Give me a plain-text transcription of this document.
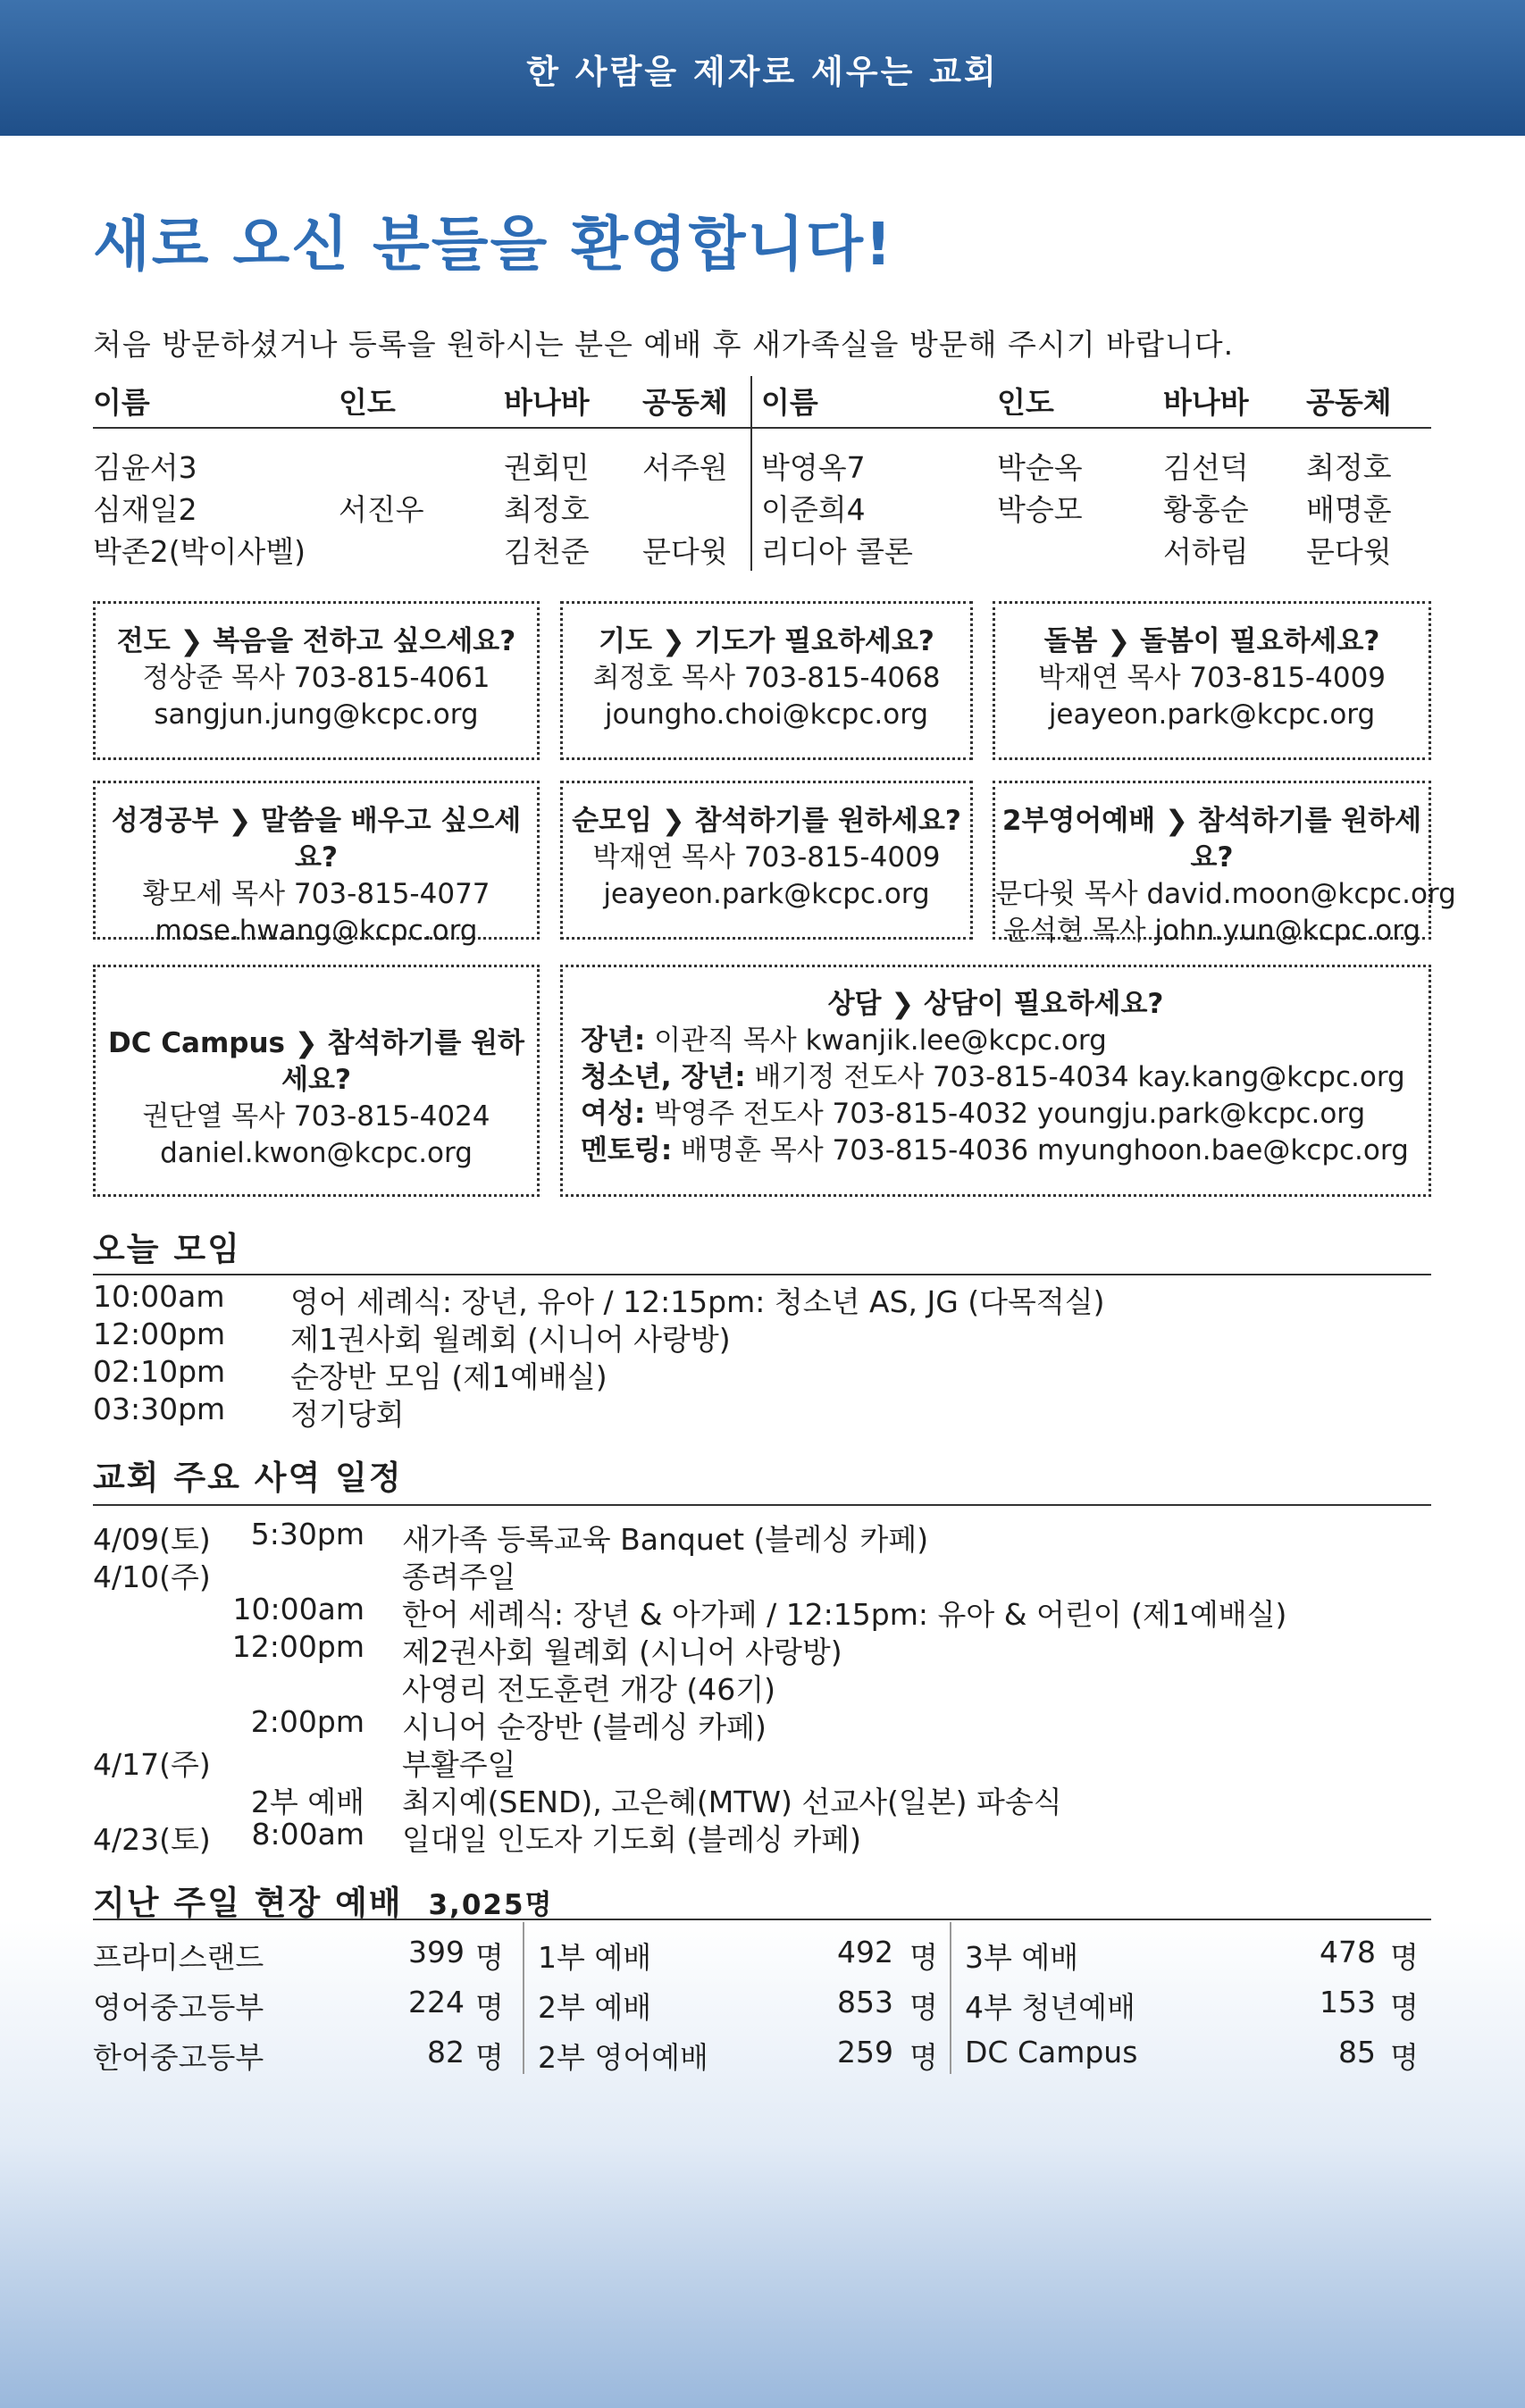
한 사람을 제자로 세우는 교회
새로 오신 분들을 환영합니다!
처음 방문하셨거나 등록을 원하시는 분은 예배 후 새가족실을 방문해 주시기 바랍니다.
이름	인도	바나바	공동체	이름	인도	바나바	공동체
김윤서3		권회민	서주원	박영옥7	박순옥	김선덕	최정호
심재일2	서진우	최정호		이준희4	박승모	황홍순	배명훈
박존2(박이사벨)		김천준	문다윗	리디아 콜론		서하림	문다윗
전도 ❯ 복음을 전하고 싶으세요?
정상준 목사 703-815-4061
sangjun.jung@kcpc.org
기도 ❯ 기도가 필요하세요?
최정호 목사 703-815-4068
joungho.choi@kcpc.org
돌봄 ❯ 돌봄이 필요하세요?
박재연 목사 703-815-4009
jeayeon.park@kcpc.org
성경공부 ❯ 말씀을 배우고 싶으세요?
황모세 목사 703-815-4077
mose.hwang@kcpc.org
순모임 ❯ 참석하기를 원하세요?
박재연 목사 703-815-4009
jeayeon.park@kcpc.org
2부영어예배 ❯ 참석하기를 원하세요?
문다윗 목사 david.moon@kcpc.org
윤석현 목사 john.yun@kcpc.org
DC Campus ❯ 참석하기를 원하세요?
권단열 목사 703-815-4024
daniel.kwon@kcpc.org
상담 ❯ 상담이 필요하세요?
장년: 이관직 목사 kwanjik.lee@kcpc.org
청소년, 장년: 배기정 전도사 703-815-4034 kay.kang@kcpc.org
여성: 박영주 전도사 703-815-4032 youngju.park@kcpc.org
멘토링: 배명훈 목사 703-815-4036 myunghoon.bae@kcpc.org
오늘 모임
10:00am 영어 세례식: 장년, 유아 / 12:15pm: 청소년 AS, JG (다목적실)
12:00pm 제1권사회 월례회 (시니어 사랑방)
02:10pm 순장반 모임 (제1예배실)
03:30pm 정기당회
교회 주요 사역 일정
4/09(토)	5:30pm 새가족 등록교육 Banquet (블레싱 카페)
4/10(주)	종려주일
10:00am 한어 세례식: 장년 & 아가페 / 12:15pm: 유아 & 어린이 (제1예배실)
12:00pm 제2권사회 월례회 (시니어 사랑방)
사영리 전도훈련 개강 (46기)
2:00pm 시니어 순장반 (블레싱 카페)
4/17(주)	부활주일
2부 예배 최지예(SEND), 고은혜(MTW) 선교사(일본) 파송식
4/23(토)	8:00am 일대일 인도자 기도회 (블레싱 카페)
지난 주일 현장 예배 3,025명
프라미스랜드	399 명 1부 예배	492 명 3부 예배	478 명
영어중고등부	224 명 2부 예배	853 명 4부 청년예배	153 명
한어중고등부	82 명 2부 영어예배	259 명 DC Campus	85 명
